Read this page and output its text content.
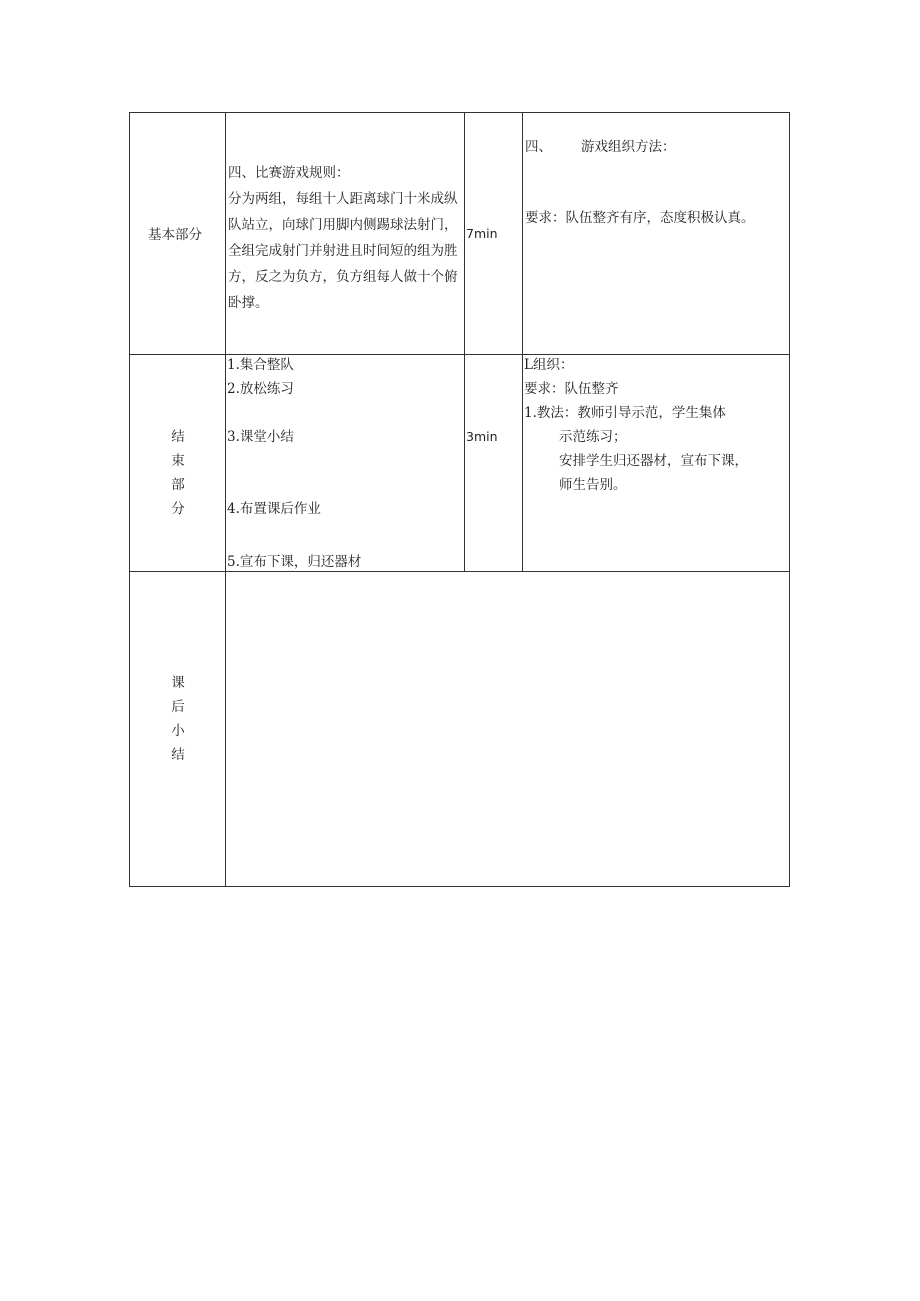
基本部分
四、比赛游戏规则：
分为两组，每组十人距离球门十米成纵队站立，向球门用脚内侧踢球法射门，全组完成射门并射进且时间短的组为胜方，反之为负方，负方组每人做十个俯卧撑。
7min
四、 游戏组织方法：
要求：队伍整齐有序，态度积极认真。
结
束
部
分
1.集合整队
2.放松练习
3.课堂小结
4.布置课后作业
5.宣布下课，归还器材
3min
L组织：
要求：队伍整齐
1.教法：教师引导示范，学生集体
示范练习；
安排学生归还器材，宣布下课，
师生告别。
课
后
小
结
